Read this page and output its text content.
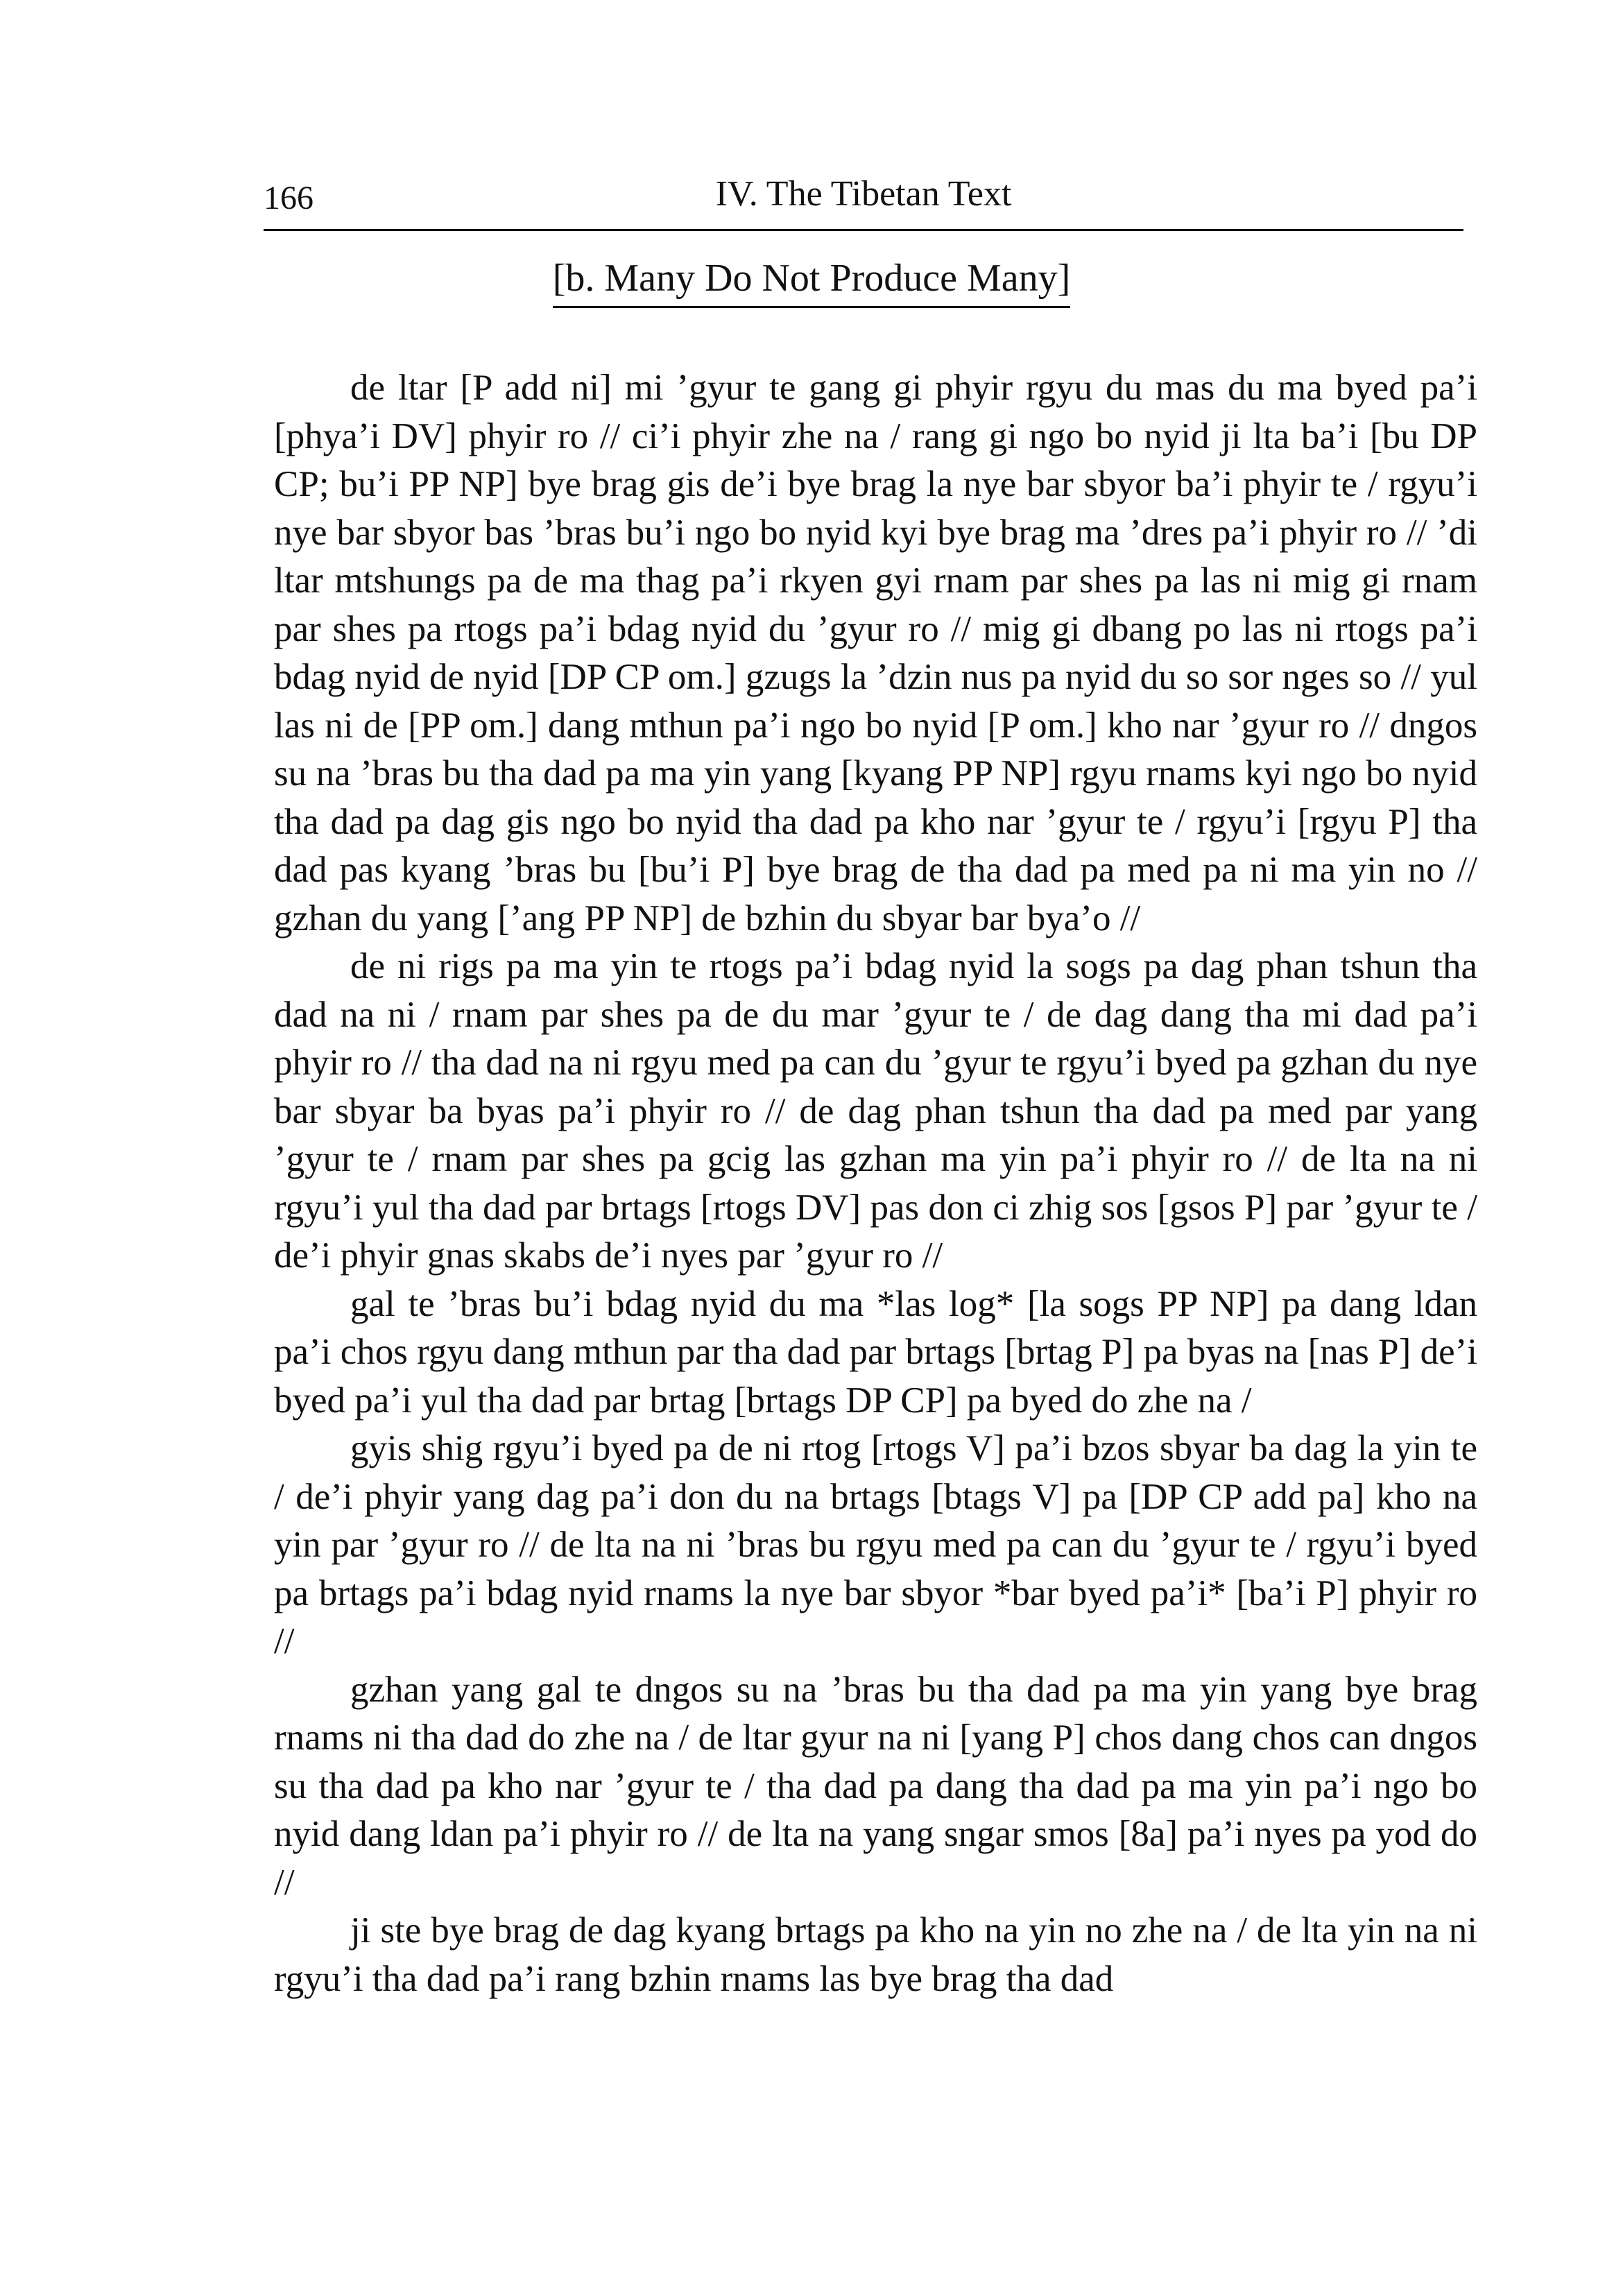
166	IV. The Tibetan Text
[b. Many Do Not Produce Many]

de ltar [P add ni] mi ’gyur te gang gi phyir rgyu du mas du ma byed pa’i [phya’i DV] phyir ro // ci’i phyir zhe na / rang gi ngo bo nyid ji lta ba’i [bu DP CP; bu’i PP NP] bye brag gis de’i bye brag la nye bar sbyor ba’i phyir te / rgyu’i nye bar sbyor bas ’bras bu’i ngo bo nyid kyi bye brag ma ’dres pa’i phyir ro // ’di ltar mtshungs pa de ma thag pa’i rkyen gyi rnam par shes pa las ni mig gi rnam par shes pa rtogs pa’i bdag nyid du ’gyur ro // mig gi dbang po las ni rtogs pa’i bdag nyid de nyid [DP CP om.] gzugs la ’dzin nus pa nyid du so sor nges so // yul las ni de [PP om.] dang mthun pa’i ngo bo nyid [P om.] kho nar ’gyur ro // dngos su na ’bras bu tha dad pa ma yin yang [kyang PP NP] rgyu rnams kyi ngo bo nyid tha dad pa dag gis ngo bo nyid tha dad pa kho nar ’gyur te / rgyu’i [rgyu P] tha dad pas kyang ’bras bu [bu’i P] bye brag de tha dad pa med pa ni ma yin no // gzhan du yang [’ang PP NP] de bzhin du sbyar bar bya’o //

de ni rigs pa ma yin te rtogs pa’i bdag nyid la sogs pa dag phan tshun tha dad na ni / rnam par shes pa de du mar ’gyur te / de dag dang tha mi dad pa’i phyir ro // tha dad na ni rgyu med pa can du ’gyur te rgyu’i byed pa gzhan du nye bar sbyar ba byas pa’i phyir ro // de dag phan tshun tha dad pa med par yang ’gyur te / rnam par shes pa gcig las gzhan ma yin pa’i phyir ro // de lta na ni rgyu’i yul tha dad par brtags [rtogs DV] pas don ci zhig sos [gsos P] par ’gyur te / de’i phyir gnas skabs de’i nyes par ’gyur ro //

gal te ’bras bu’i bdag nyid du ma *las log* [la sogs PP NP] pa dang ldan pa’i chos rgyu dang mthun par tha dad par brtags [brtag P] pa byas na [nas P] de’i byed pa’i yul tha dad par brtag [brtags DP CP] pa byed do zhe na /

gyis shig rgyu’i byed pa de ni rtog [rtogs V] pa’i bzos sbyar ba dag la yin te / de’i phyir yang dag pa’i don du na brtags [btags V] pa [DP CP add pa] kho na yin par ’gyur ro // de lta na ni ’bras bu rgyu med pa can du ’gyur te / rgyu’i byed pa brtags pa’i bdag nyid rnams la nye bar sbyor *bar byed pa’i* [ba’i P] phyir ro //

gzhan yang gal te dngos su na ’bras bu tha dad pa ma yin yang bye brag rnams ni tha dad do zhe na / de ltar gyur na ni [yang P] chos dang chos can dngos su tha dad pa kho nar ’gyur te / tha dad pa dang tha dad pa ma yin pa’i ngo bo nyid dang ldan pa’i phyir ro // de lta na yang sngar smos [8a] pa’i nyes pa yod do //

ji ste bye brag de dag kyang brtags pa kho na yin no zhe na / de lta yin na ni rgyu’i tha dad pa’i rang bzhin rnams las bye brag tha dad
